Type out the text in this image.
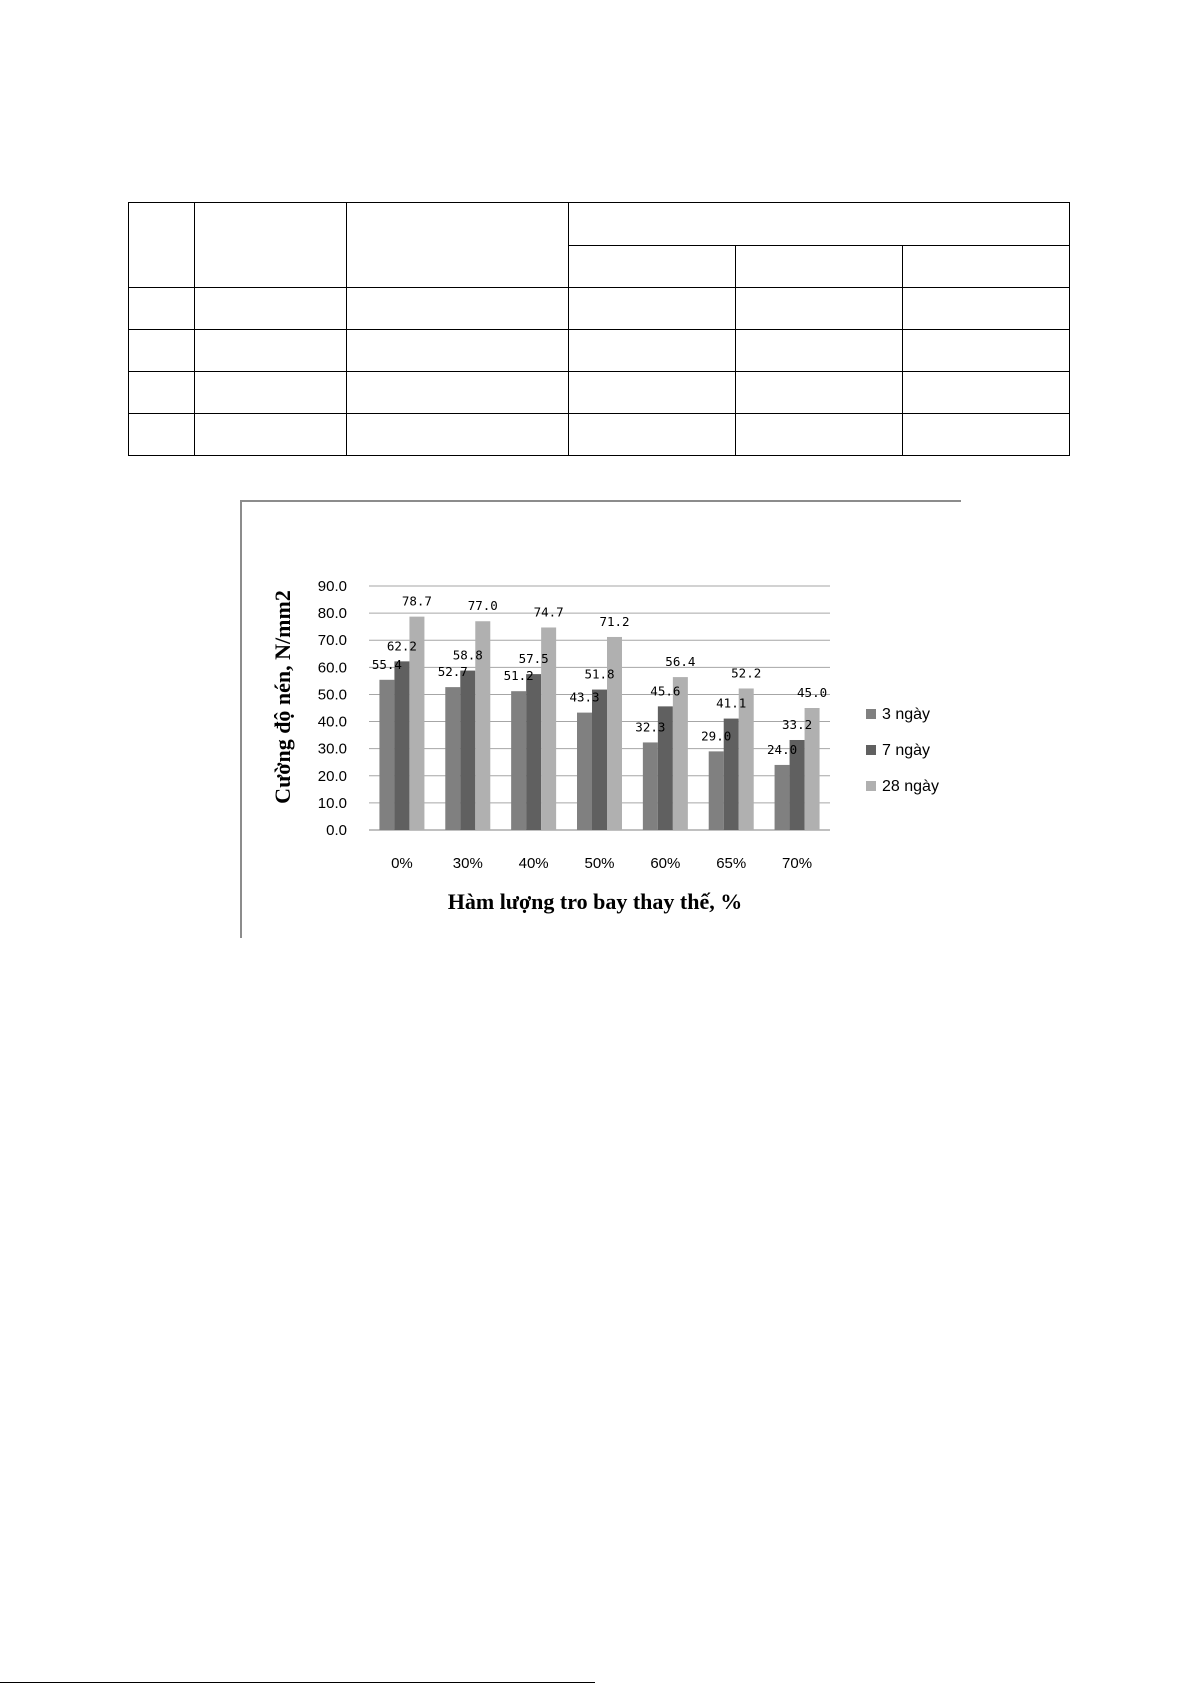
55.4	52.7	51.2
43.3
32.3
29.0
24.0
62.2
58.8	57.5
51.8
45.6
41.1
33.2
78.7	77.0	74.7
71.2
56.4
52.2
45.0
0.0
10.0
20.0
30.0
40.0
50.0
60.0
70.0
80.0
90.0
0%	30% 40% 50% 60% 65% 70%
3 ngày
7 ngày
28 ngày
Hàm lượng tro bay thay thế, %
Cường độ nén, N/mm2
